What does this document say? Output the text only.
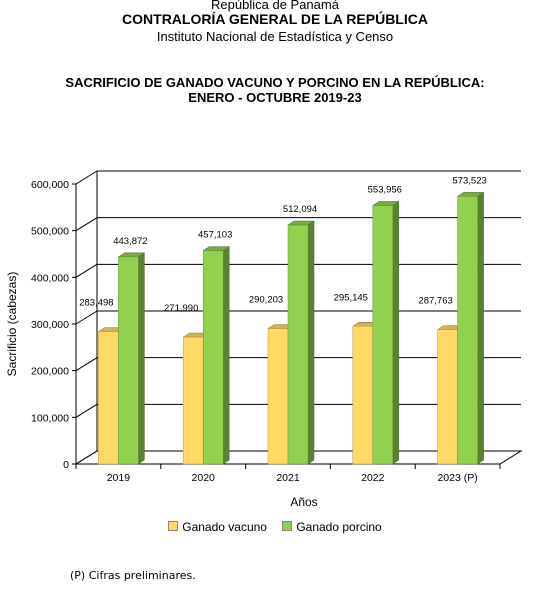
República de Panamá
CONTRALORÍA GENERAL DE LA REPÚBLICA
Instituto Nacional de Estadística y Censo
SACRIFICIO DE GANADO VACUNO Y PORCINO EN LA REPÚBLICA:
ENERO - OCTUBRE 2019-23
0
100,000
200,000
300,000
400,000
500,000
600,000
2019
283,498
443,872
2020
271,990
457,103
2021
290,203
512,094
2022
295,145
553,956
2023 (P)
287,763
573,523
Sacrificio (cabezas)
Años
Ganado vacuno Ganado porcino
(P) Cifras preliminares.
